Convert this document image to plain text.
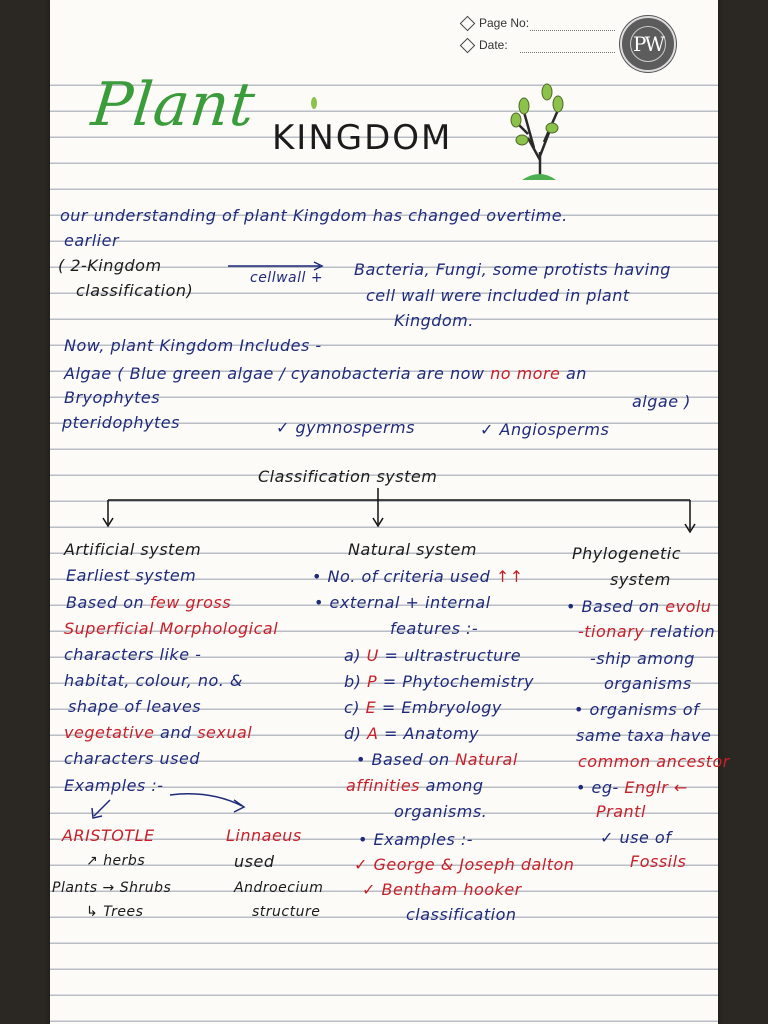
Page No:
Date:	PW
Plant KINGDOM
our understanding of plant Kingdom has changed overtime.
earlier
( 2-Kingdom
classification)
cellwall + Bacteria, Fungi, some protists having
cell wall were included in plant
Kingdom.
Now, plant Kingdom Includes -
Algae ( Blue green algae / cyanobacteria are now no more an
Bryophytes	algae )
pteridophytes	✓ gymnosperms	✓ Angiosperms
Classification system
Artificial system
Earliest system
Based on few gross
Superficial Morphological
characters like -
habitat, colour, no. &
shape of leaves
vegetative and sexual
characters used
Examples :-
ARISTOTLE	Linnaeus
↗ herbs
Plants → Shrubs
↳ Trees
used
Androecium
structure
Natural system
• No. of criteria used ↑↑
• external + internal
features :-
a) U = ultrastructure
b) P = Phytochemistry
c) E = Embryology
d) A = Anatomy
• Based on Natural
affinities among
organisms.
• Examples :-
✓ George & Joseph dalton
✓ Bentham hooker
classification
Phylogenetic
system
• Based on evolu
-tionary relation
-ship among
organisms
• organisms of
same taxa have
common ancestor
• eg- Englr ←
Prantl
✓ use of
Fossils
